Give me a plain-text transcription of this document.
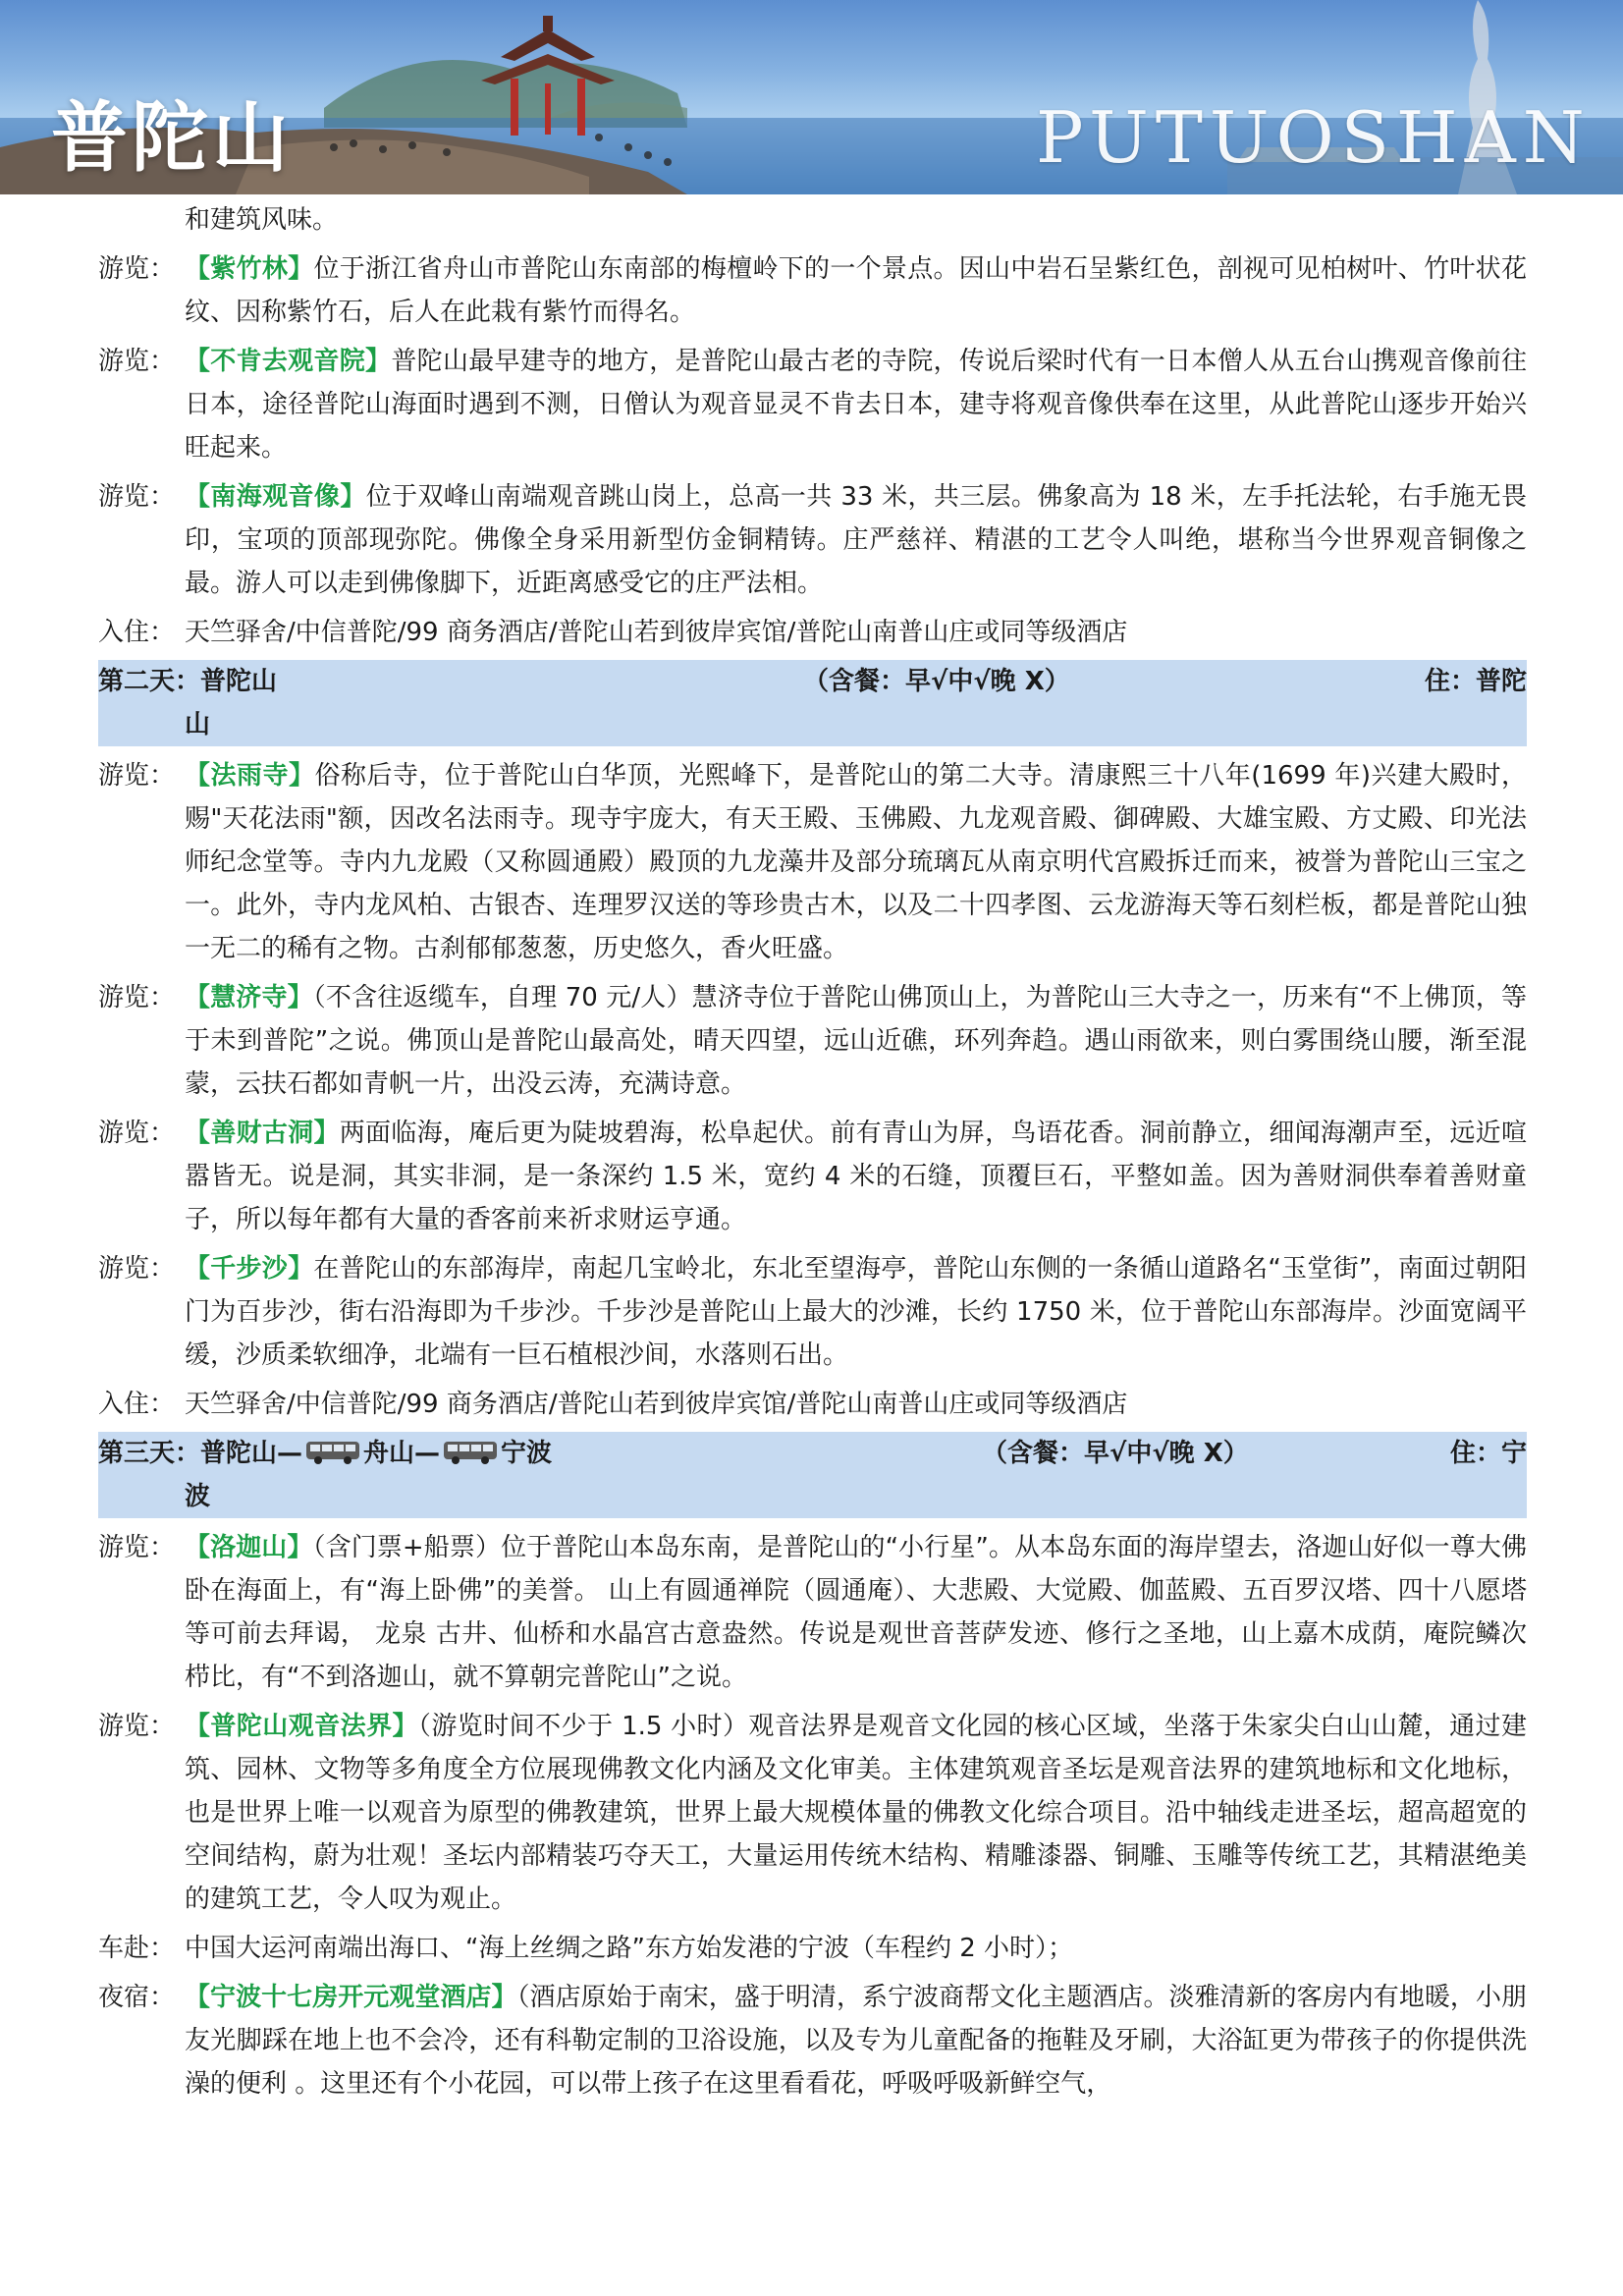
普陀山	PUTUOSHAN
和建筑风味。
游览： 【紫竹林】位于浙江省舟山市普陀山东南部的梅檀岭下的一个景点。因山中岩石呈紫红色，剖视可见柏树叶、竹叶状花纹、因称紫竹石，后人在此栽有紫竹而得名。
游览： 【不肯去观音院】普陀山最早建寺的地方，是普陀山最古老的寺院，传说后梁时代有一日本僧人从五台山携观音像前往日本，途径普陀山海面时遇到不测，日僧认为观音显灵不肯去日本，建寺将观音像供奉在这里，从此普陀山逐步开始兴旺起来。
游览： 【南海观音像】位于双峰山南端观音跳山岗上，总高一共 33 米，共三层。佛象高为 18 米，左手托法轮，右手施无畏印，宝项的顶部现弥陀。佛像全身采用新型仿金铜精铸。庄严慈祥、精湛的工艺令人叫绝，堪称当今世界观音铜像之最。游人可以走到佛像脚下，近距离感受它的庄严法相。
入住： 天竺驿舍/中信普陀/99 商务酒店/普陀山若到彼岸宾馆/普陀山南普山庄或同等级酒店
第二天：普陀山	（含餐：早√中√晚 X）	住：普陀
山
游览： 【法雨寺】俗称后寺，位于普陀山白华顶，光熙峰下，是普陀山的第二大寺。清康熙三十八年(1699 年)兴建大殿时，赐"天花法雨"额，因改名法雨寺。现寺宇庞大，有天王殿、玉佛殿、九龙观音殿、御碑殿、大雄宝殿、方丈殿、印光法师纪念堂等。寺内九龙殿（又称圆通殿）殿顶的九龙藻井及部分琉璃瓦从南京明代宫殿拆迁而来，被誉为普陀山三宝之一。此外，寺内龙风柏、古银杏、连理罗汉送的等珍贵古木，以及二十四孝图、云龙游海天等石刻栏板，都是普陀山独一无二的稀有之物。古刹郁郁葱葱，历史悠久，香火旺盛。
游览： 【慧济寺】（不含往返缆车，自理 70 元/人）慧济寺位于普陀山佛顶山上，为普陀山三大寺之一，历来有“不上佛顶，等于未到普陀”之说。佛顶山是普陀山最高处，晴天四望，远山近礁，环列奔趋。遇山雨欲来，则白雾围绕山腰，渐至混蒙，云扶石都如青帆一片，出没云涛，充满诗意。
游览： 【善财古洞】两面临海，庵后更为陡坡碧海，松阜起伏。前有青山为屏，鸟语花香。洞前静立，细闻海潮声至，远近喧嚣皆无。说是洞，其实非洞，是一条深约 1.5 米，宽约 4 米的石缝，顶覆巨石，平整如盖。因为善财洞供奉着善财童子，所以每年都有大量的香客前来祈求财运亨通。
游览： 【千步沙】在普陀山的东部海岸，南起几宝岭北，东北至望海亭，普陀山东侧的一条循山道路名“玉堂街”，南面过朝阳门为百步沙，街右沿海即为千步沙。千步沙是普陀山上最大的沙滩，长约 1750 米，位于普陀山东部海岸。沙面宽阔平缓，沙质柔软细净，北端有一巨石植根沙间，水落则石出。
入住： 天竺驿舍/中信普陀/99 商务酒店/普陀山若到彼岸宾馆/普陀山南普山庄或同等级酒店
第三天：普陀山— 舟山— 宁波	（含餐：早√中√晚 X）	住：宁
波
游览： 【洛迦山】（含门票+船票）位于普陀山本岛东南，是普陀山的“小行星”。从本岛东面的海岸望去，洛迦山好似一尊大佛卧在海面上，有“海上卧佛”的美誉。 山上有圆通禅院（圆通庵）、大悲殿、大觉殿、伽蓝殿、五百罗汉塔、四十八愿塔等可前去拜谒， 龙泉 古井、仙桥和水晶宫古意盎然。传说是观世音菩萨发迹、修行之圣地，山上嘉木成荫，庵院鳞次栉比，有“不到洛迦山，就不算朝完普陀山”之说。
游览： 【普陀山观音法界】（游览时间不少于 1.5 小时）观音法界是观音文化园的核心区域，坐落于朱家尖白山山麓，通过建筑、园林、文物等多角度全方位展现佛教文化内涵及文化审美。主体建筑观音圣坛是观音法界的建筑地标和文化地标，也是世界上唯一以观音为原型的佛教建筑，世界上最大规模体量的佛教文化综合项目。沿中轴线走进圣坛，超高超宽的空间结构，蔚为壮观！圣坛内部精装巧夺天工，大量运用传统木结构、精雕漆器、铜雕、玉雕等传统工艺，其精湛绝美的建筑工艺，令人叹为观止。
车赴： 中国大运河南端出海口、“海上丝绸之路”东方始发港的宁波（车程约 2 小时）；
夜宿： 【宁波十七房开元观堂酒店】（酒店原始于南宋，盛于明清，系宁波商帮文化主题酒店。淡雅清新的客房内有地暖，小朋友光脚踩在地上也不会冷，还有科勒定制的卫浴设施，以及专为儿童配备的拖鞋及牙刷，大浴缸更为带孩子的你提供洗澡的便利 。这里还有个小花园，可以带上孩子在这里看看花，呼吸呼吸新鲜空气，
